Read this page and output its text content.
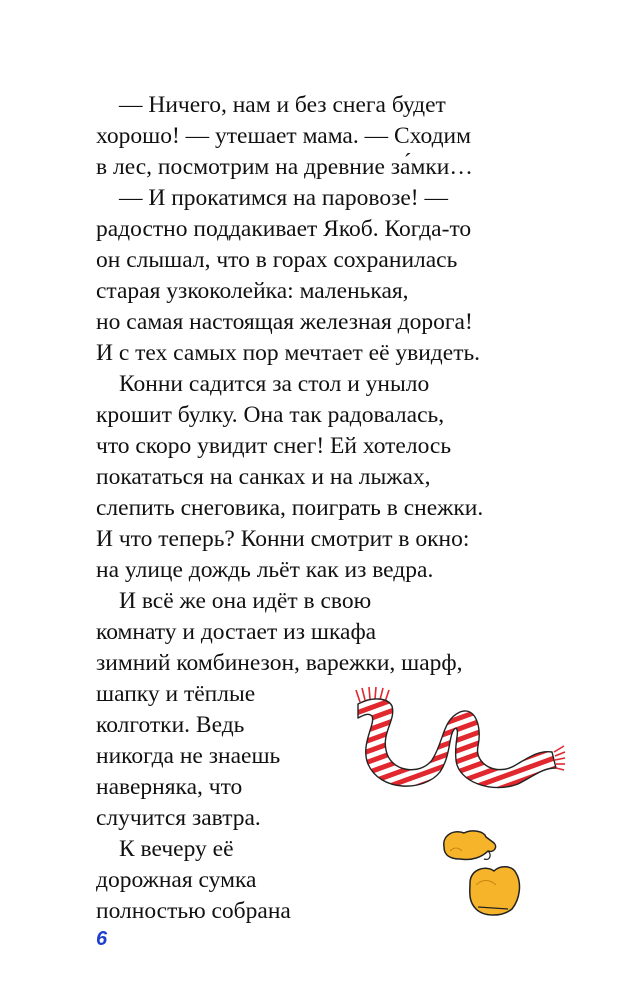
— Ничего, нам и без снега будет

хорошо! — утешает мама. — Сходим

в лес, посмотрим на древние за́мки…

— И прокатимся на паровозе! —

радостно поддакивает Якоб. Когда-то

он слышал, что в горах сохранилась

старая узкоколейка: маленькая,

но самая настоящая железная дорога!

И с тех самых пор мечтает её увидеть.

Конни садится за стол и уныло

крошит булку. Она так радовалась,

что скоро увидит снег! Ей хотелось

покататься на санках и на лыжах,

слепить снеговика, поиграть в снежки.

И что теперь? Конни смотрит в окно:

на улице дождь льёт как из ведра.

И всё же она идёт в свою

комнату и достает из шкафа

зимний комбинезон, варежки, шарф,

шапку и тёплые

колготки. Ведь

никогда не знаешь

наверняка, что

случится завтра.

К вечеру её

дорожная сумка

полностью собрана

6
